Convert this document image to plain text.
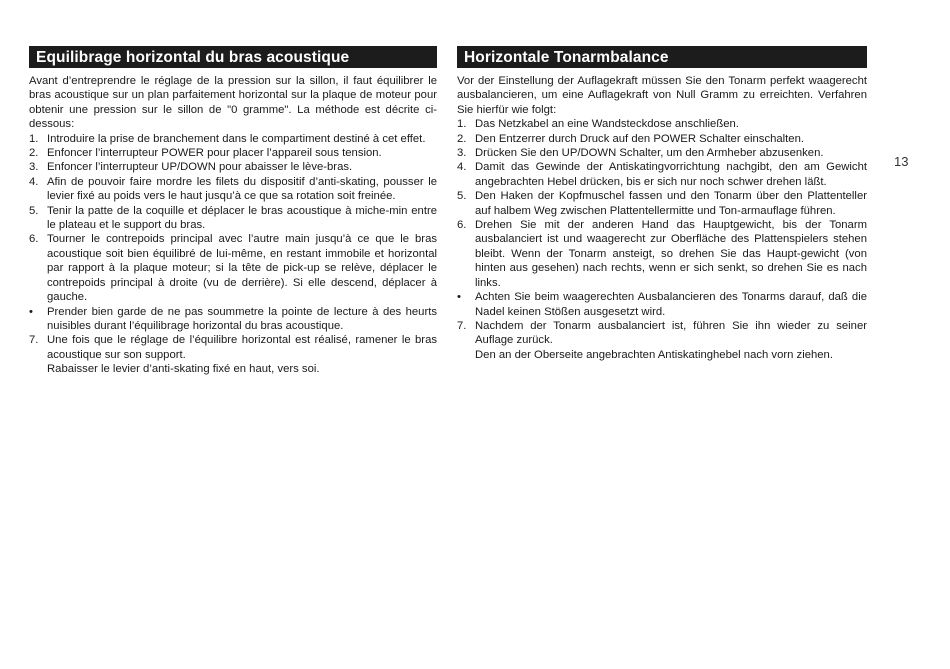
Equilibrage horizontal du bras acoustique

Avant d’entreprendre le réglage de la pression sur la sillon, il faut équilibrer le bras acoustique sur un plan parfaitement horizontal sur la plaque de moteur pour obtenir une pression sur le sillon de "0 gramme". La méthode est décrite ci-dessous:

1. Introduire la prise de branchement dans le compartiment destiné à cet effet.
2. Enfoncer l’interrupteur POWER pour placer l’appareil sous tension.
3. Enfoncer l’interrupteur UP/DOWN pour abaisser le lève-bras.
4. Afin de pouvoir faire mordre les filets du dispositif d’anti-skating, pousser le levier fixé au poids vers le haut jusqu’à ce que sa rotation soit freinée.
5. Tenir la patte de la coquille et déplacer le bras acoustique à miche-min entre le plateau et le support du bras.
6. Tourner le contrepoids principal avec l’autre main jusqu’à ce que le bras acoustique soit bien équilibré de lui-même, en restant immobile et horizontal par rapport à la plaque moteur; si la tête de pick-up se relève, déplacer le contrepoids principal à droite (vu de derrière). Si elle descend, déplacer à gauche.
• Prender bien garde de ne pas soummetre la pointe de lecture à des heurts nuisibles durant l’équilibrage horizontal du bras acoustique.
7. Une fois que le réglage de l’équilibre horizontal est réalisé, ramener le bras acoustique sur son support.
Rabaisser le levier d’anti-skating fixé en haut, vers soi.
Horizontale Tonarmbalance

Vor der Einstellung der Auflagekraft müssen Sie den Tonarm perfekt waagerecht ausbalancieren, um eine Auflagekraft von Null Gramm zu erreichten. Verfahren Sie hierfür wie folgt:

1. Das Netzkabel an eine Wandsteckdose anschließen.
2. Den Entzerrer durch Druck auf den POWER Schalter einschalten.
3. Drücken Sie den UP/DOWN Schalter, um den Armheber abzusenken.
4. Damit das Gewinde der Antiskatingvorrichtung nachgibt, den am Gewicht angebrachten Hebel drücken, bis er sich nur noch schwer drehen läßt.
5. Den Haken der Kopfmuschel fassen und den Tonarm über den Plattenteller auf halbem Weg zwischen Plattentellermitte und Ton-armauflage führen.
6. Drehen Sie mit der anderen Hand das Hauptgewicht, bis der Tonarm ausbalanciert ist und waagerecht zur Oberfläche des Plattenspielers stehen bleibt. Wenn der Tonarm ansteigt, so drehen Sie das Haupt-gewicht (von hinten aus gesehen) nach rechts, wenn er sich senkt, so drehen Sie es nach links.
• Achten Sie beim waagerechten Ausbalancieren des Tonarms darauf, daß die Nadel keinen Stößen ausgesetzt wird.
7. Nachdem der Tonarm ausbalanciert ist, führen Sie ihn wieder zu seiner Auflage zurück.
Den an der Oberseite angebrachten Antiskatinghebel nach vorn ziehen.
13
